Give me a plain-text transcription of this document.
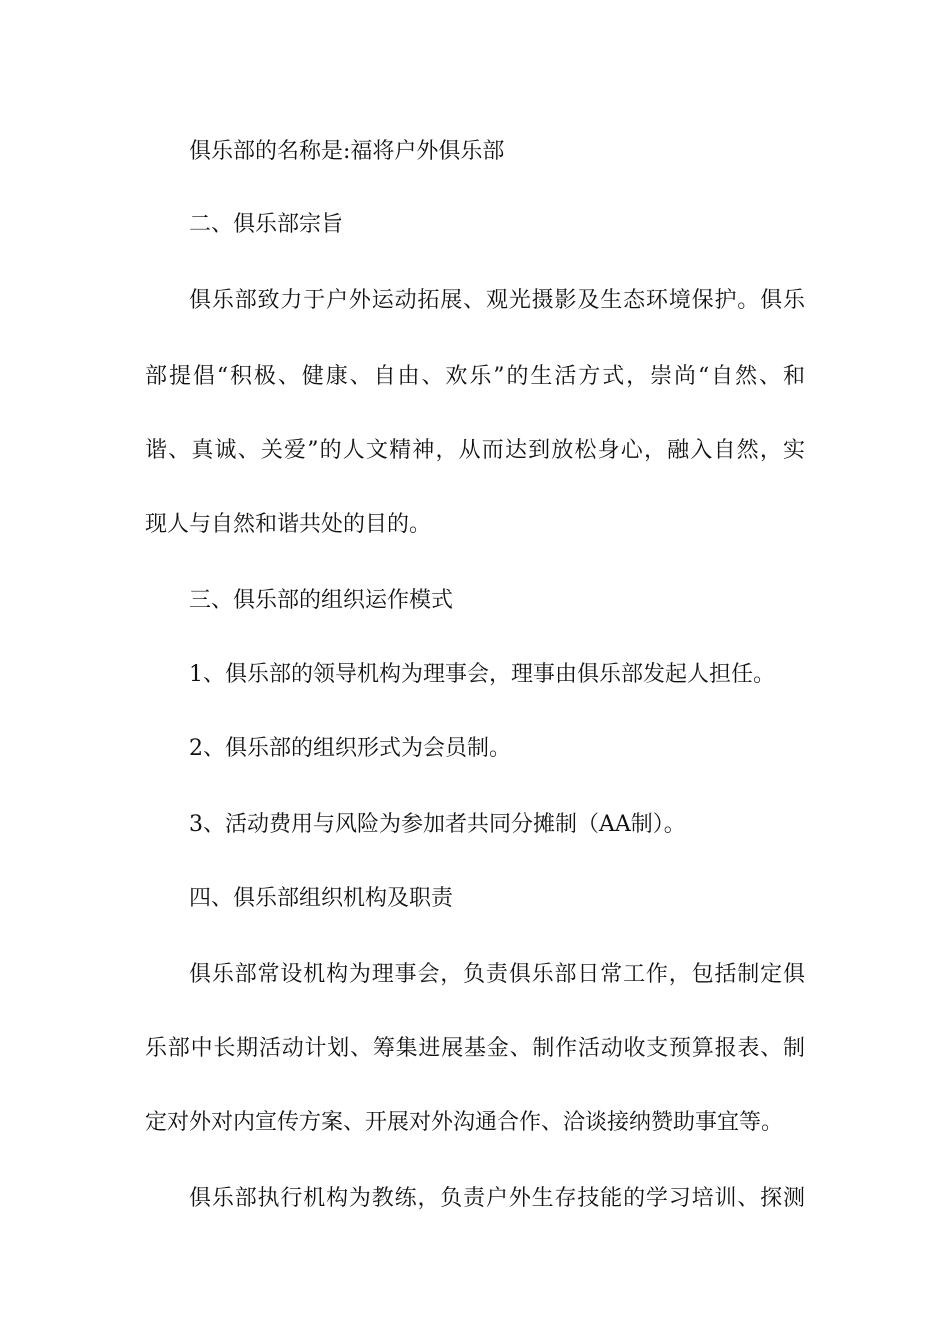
俱乐部的名称是:福将户外俱乐部
二、俱乐部宗旨
俱乐部致力于户外运动拓展、观光摄影及生态环境保护。俱乐
部提倡“积极、健康、自由、欢乐”的生活方式，崇尚“自然、和
谐、真诚、关爱”的人文精神，从而达到放松身心，融入自然，实
现人与自然和谐共处的目的。
三、俱乐部的组织运作模式
1、俱乐部的领导机构为理事会，理事由俱乐部发起人担任。
2、俱乐部的组织形式为会员制。
3、活动费用与风险为参加者共同分摊制（AA制）。
四、俱乐部组织机构及职责
俱乐部常设机构为理事会，负责俱乐部日常工作，包括制定俱
乐部中长期活动计划、筹集进展基金、制作活动收支预算报表、制
定对外对内宣传方案、开展对外沟通合作、洽谈接纳赞助事宜等。
俱乐部执行机构为教练，负责户外生存技能的学习培训、探测
